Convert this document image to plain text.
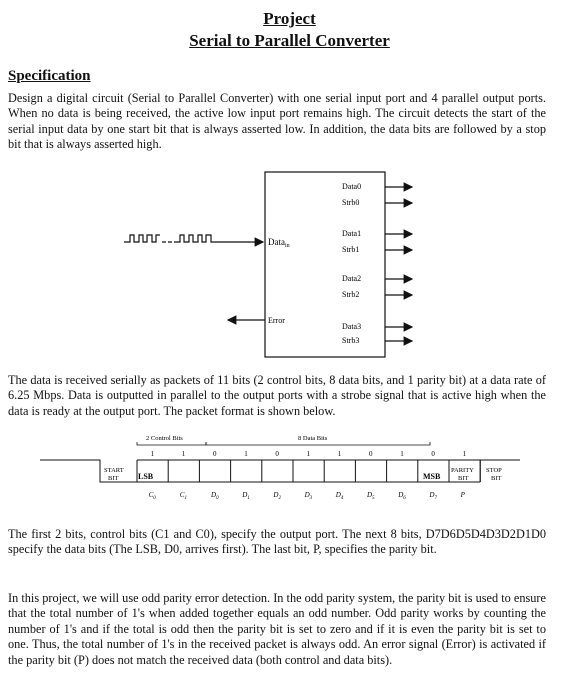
Project
Serial to Parallel Converter
Specification
Design a digital circuit (Serial to Parallel Converter) with one serial input port and 4 parallel output ports. When no data is being received, the active low input port remains high. The circuit detects the start of the serial input data by one start bit that is always asserted low. In addition, the data bits are followed by a stop bit that is always asserted high.
Data$_{in}$
Data0
Strb0
Data1
Strb1
Data2
Strb2
Data3
Strb3
Error
The data is received serially as packets of 11 bits (2 control bits, 8 data bits, and 1 parity bit) at a data rate of 6.25 Mbps. Data is outputted in parallel to the output ports with a strobe signal that is active high when the data is ready at the output port. The packet format is shown below.
2 Control Bits	8 Data Bits
1	1	0	1	0	1	1	0	1	0	1
START
BIT LSB	MSB
PARITY
BIT
STOP
BIT
$C_0$	$C_1$	$D_0$	$D_1$	$D_2$	$D_3$	$D_4$	$D_5$	$D_6$	$D_7$	P
The first 2 bits, control bits (C1 and C0), specify the output port. The next 8 bits, D7D6D5D4D3D2D1D0 specify the data bits (The LSB, D0, arrives first). The last bit, P, specifies the parity bit.
In this project, we will use odd parity error detection. In the odd parity system, the parity bit is used to ensure that the total number of 1's when added together equals an odd number. Odd parity works by counting the number of 1's and if the total is odd then the parity bit is set to zero and if it is even the parity bit is set to one. Thus, the total number of 1's in the received packet is always odd. An error signal (Error) is activated if the parity bit (P) does not match the received data (both control and data bits).
